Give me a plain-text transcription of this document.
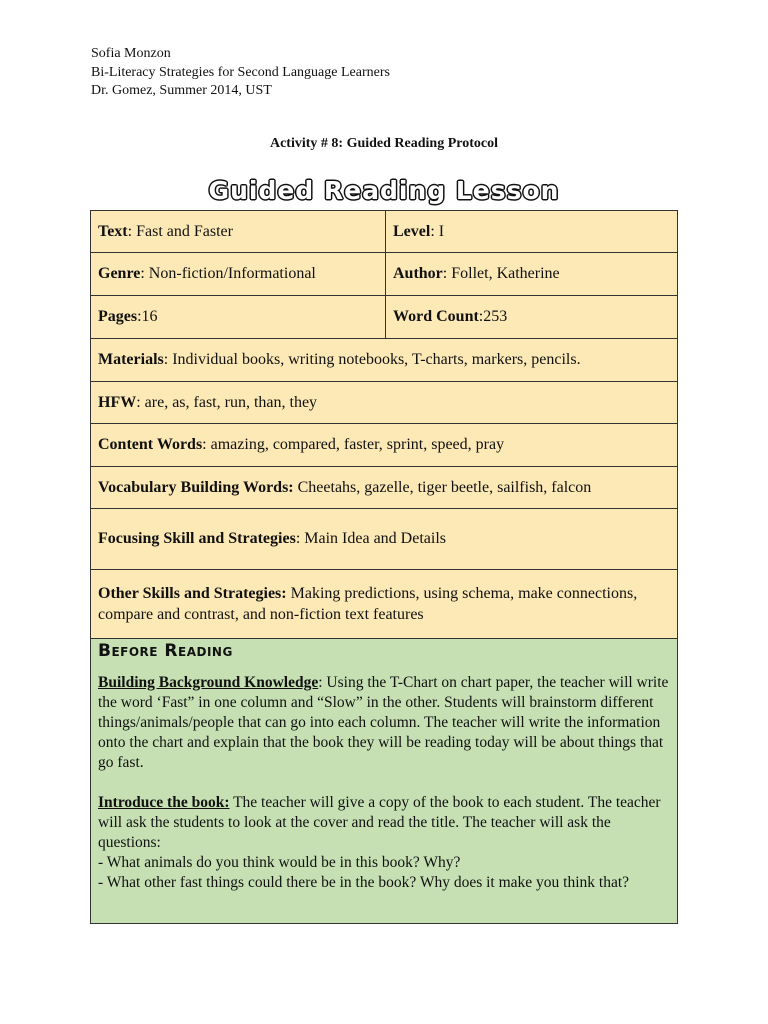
Sofia Monzon
Bi-Literacy Strategies for Second Language Learners
Dr. Gomez, Summer 2014, UST
Activity # 8: Guided Reading Protocol
Guided Reading Lesson
Text: Fast and Faster	Level: I
Genre: Non-fiction/Informational	Author: Follet, Katherine
Pages:16	Word Count:253
Materials: Individual books, writing notebooks, T-charts, markers, pencils.	
HFW: are, as, fast, run, than, they	
Content Words: amazing, compared, faster, sprint, speed, pray	
Vocabulary Building Words: Cheetahs, gazelle, tiger beetle, sailfish, falcon	
Focusing Skill and Strategies: Main Idea and Details	
Other Skills and Strategies: Making predictions, using schema, make connections, compare and contrast, and non-fiction text features	
Before Reading

Building Background Knowledge: Using the T-Chart on chart paper, the teacher will write the word ‘Fast” in one column and “Slow” in the other. Students will brainstorm different things/animals/people that can go into each column. The teacher will write the information onto the chart and explain that the book they will be reading today will be about things that go fast.

Introduce the book: The teacher will give a copy of the book to each student. The teacher will ask the students to look at the cover and read the title. The teacher will ask the questions:

- What animals do you think would be in this book? Why?
- What other fast things could there be in the book? Why does it make you think that?
